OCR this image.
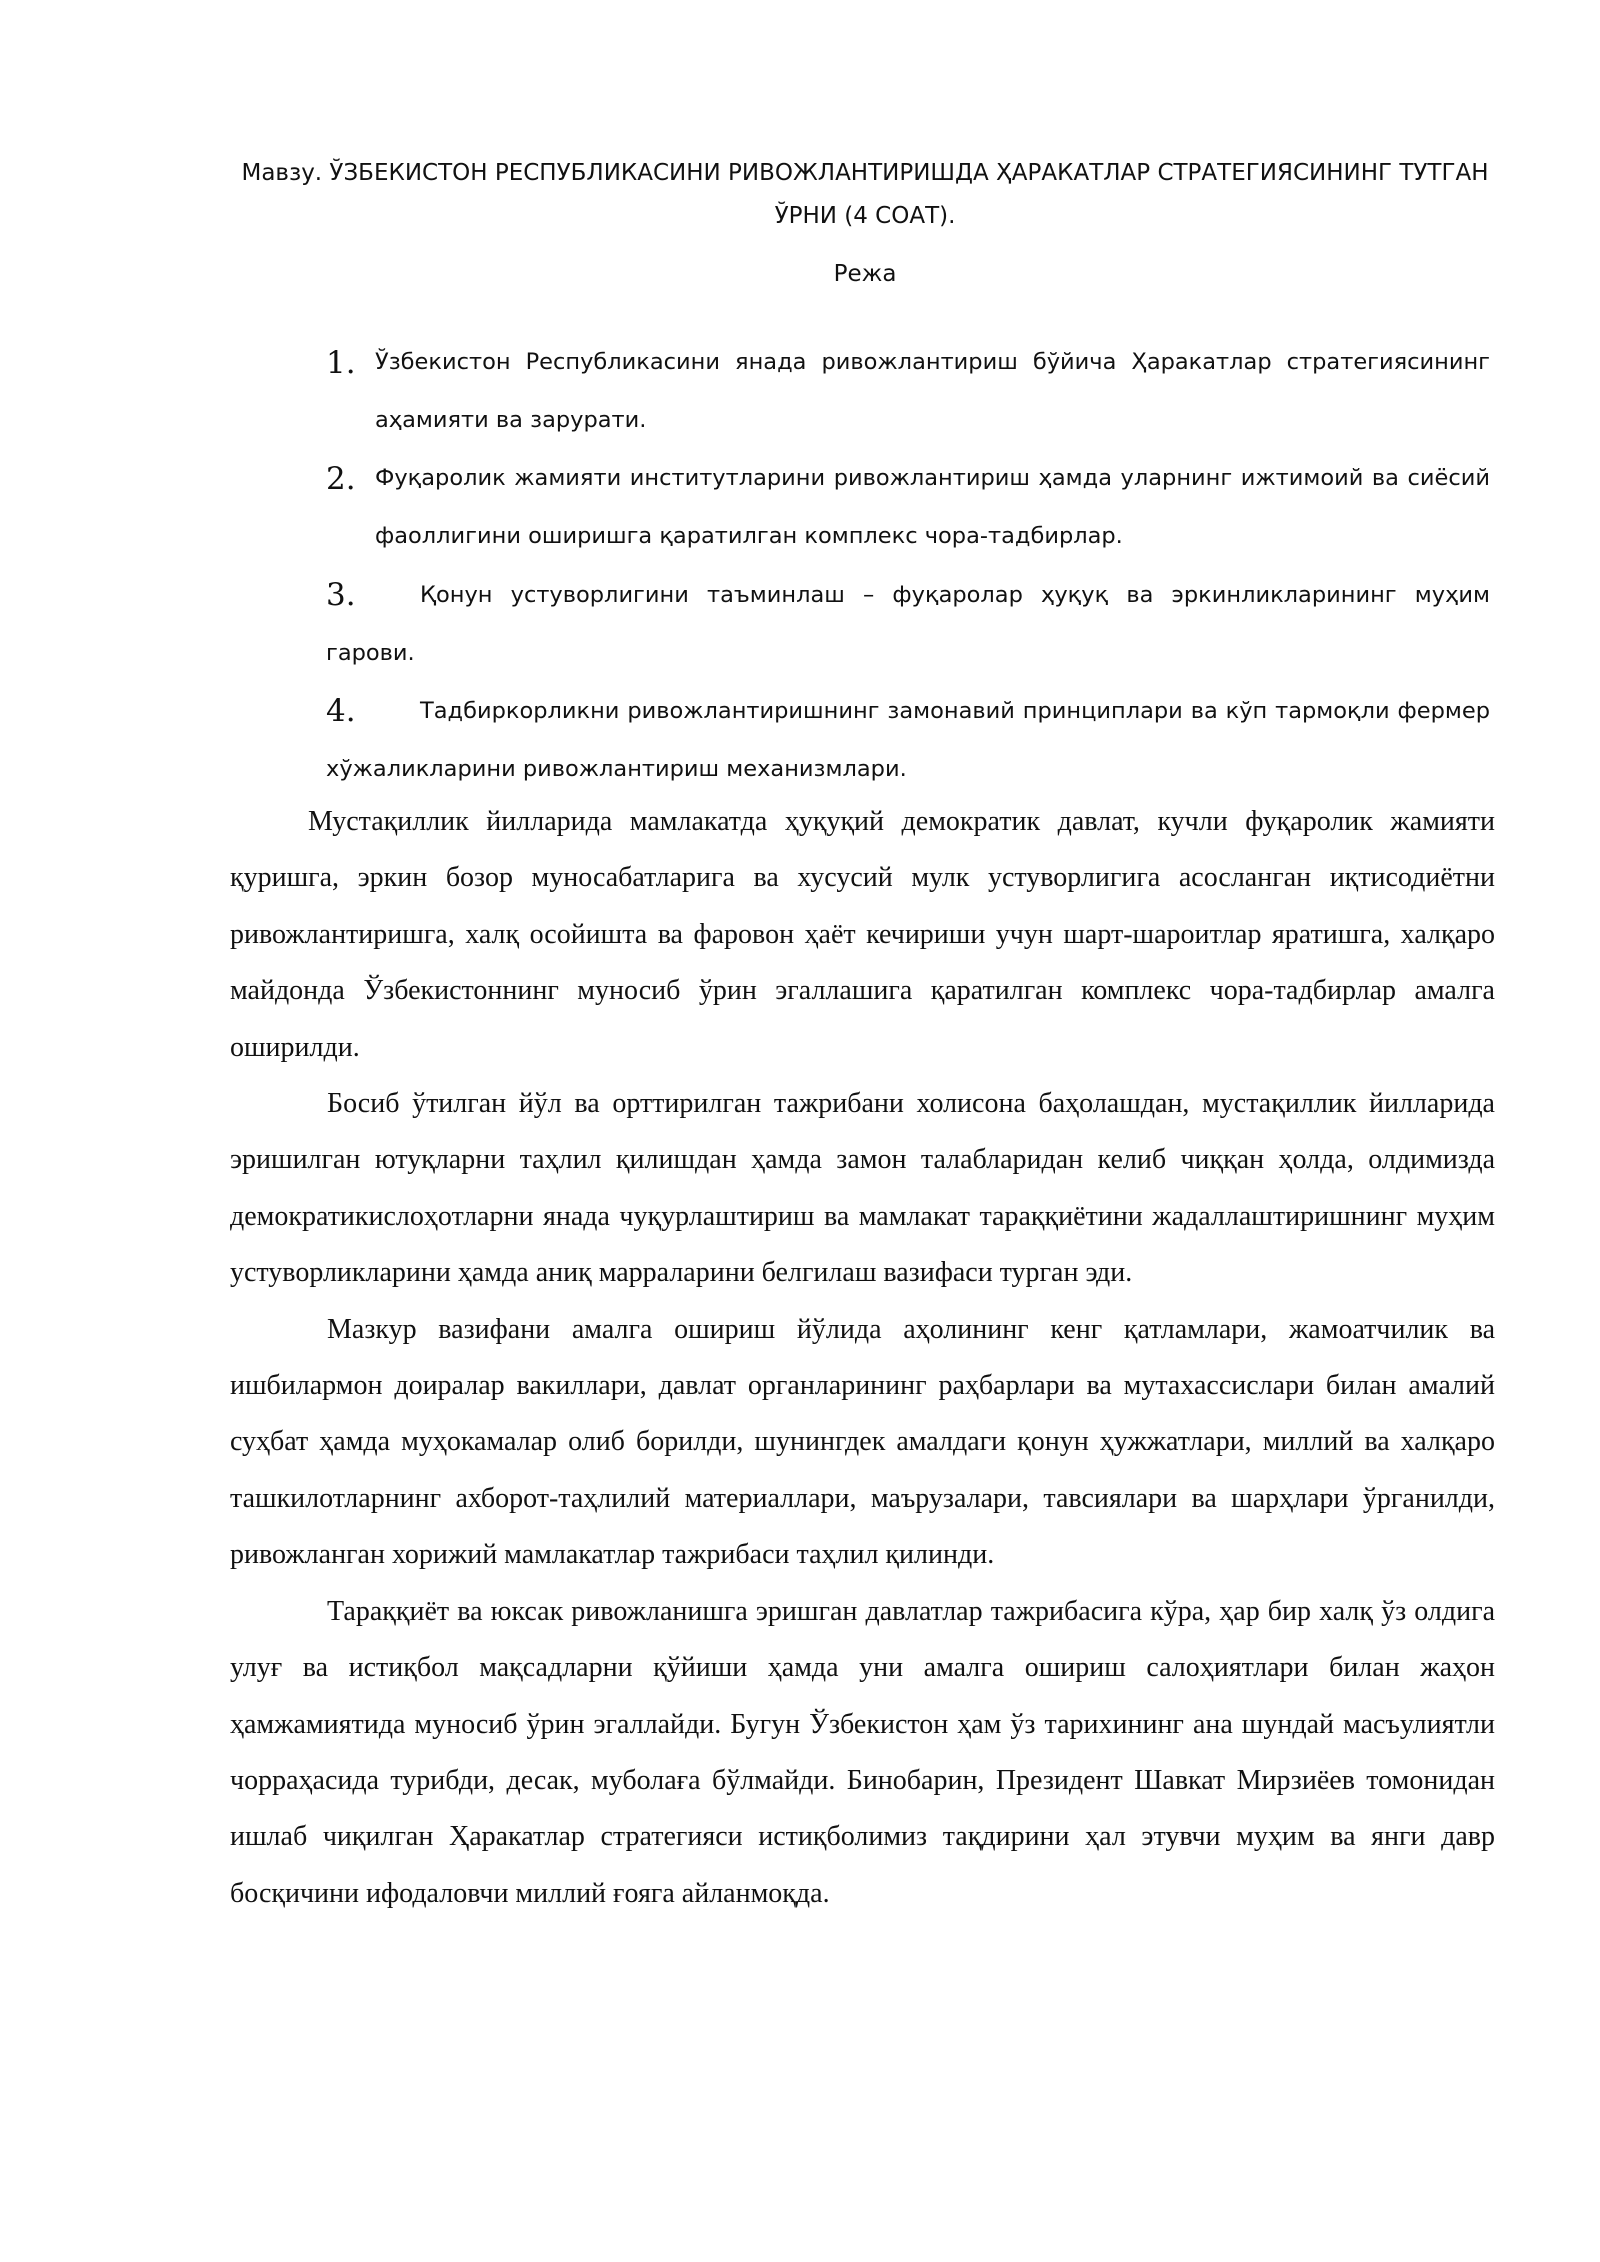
Мавзу. ЎЗБЕКИСТОН РЕСПУБЛИКАСИНИ РИВОЖЛАНТИРИШДА ҲАРАКАТЛАР СТРАТЕГИЯСИНИНГ ТУТГАН ЎРНИ (4 СОАТ).
Режа
1. Ўзбекистон Республикасини янада ривожлантириш бўйича Ҳаракатлар стратегиясининг аҳамияти ва зарурати.
2. Фуқаролик жамияти институтларини ривожлантириш ҳамда уларнинг ижтимоий ва сиёсий фаоллигини оширишга қаратилган комплекс чора-тадбирлар.
Қонун устуворлигини таъминлаш – фуқаролар ҳуқуқ ва эркинликларининг муҳим гарови.
3.
Тадбиркорликни ривожлантиришнинг замонавий принциплари ва кўп тармоқли фермер хўжаликларини ривожлантириш механизмлари.
4.

Мустақиллик йилларида мамлакатда ҳуқуқий демократик давлат, кучли фуқаролик жамияти қуришга, эркин бозор муносабатларига ва хусусий мулк устуворлигига асосланган иқтисодиётни ривожлантиришга, халқ осойишта ва фаровон ҳаёт кечириши учун шарт-шароитлар яратишга, халқаро майдонда Ўзбекистоннинг муносиб ўрин эгаллашига қаратилган комплекс чора-тадбирлар амалга оширилди.

Босиб ўтилган йўл ва орттирилган тажрибани холисона баҳолашдан, мустақиллик йилларида эришилган ютуқларни таҳлил қилишдан ҳамда замон талабларидан келиб чиққан ҳолда, олдимизда демократикислоҳотларни янада чуқурлаштириш ва мамлакат тараққиётини жадаллаштиришнинг муҳим устуворликларини ҳамда аниқ марраларини белгилаш вазифаси турган эди.

Мазкур вазифани амалга ошириш йўлида аҳолининг кенг қатламлари, жамоатчилик ва ишбилармон доиралар вакиллари, давлат органларининг раҳбарлари ва мутахассислари билан амалий суҳбат ҳамда муҳокамалар олиб борилди, шунингдек амалдаги қонун ҳужжатлари, миллий ва халқаро ташкилотларнинг ахборот-таҳлилий материаллари, маърузалари, тавсиялари ва шарҳлари ўрганилди, ривожланган хорижий мамлакатлар тажрибаси таҳлил қилинди.

Тараққиёт ва юксак ривожланишга эришган давлатлар тажрибасига кўра, ҳар бир халқ ўз олдига улуғ ва истиқбол мақсадларни қўйиши ҳамда уни амалга ошириш салоҳиятлари билан жаҳон ҳамжамиятида муносиб ўрин эгаллайди. Бугун Ўзбекистон ҳам ўз тарихининг ана шундай масъулиятли чорраҳасида турибди, десак, муболаға бўлмайди. Бинобарин, Президент Шавкат Мирзиёев томонидан ишлаб чиқилган Ҳаракатлар стратегияси истиқболимиз тақдирини ҳал этувчи муҳим ва янги давр босқичини ифодаловчи миллий ғояга айланмоқда.
